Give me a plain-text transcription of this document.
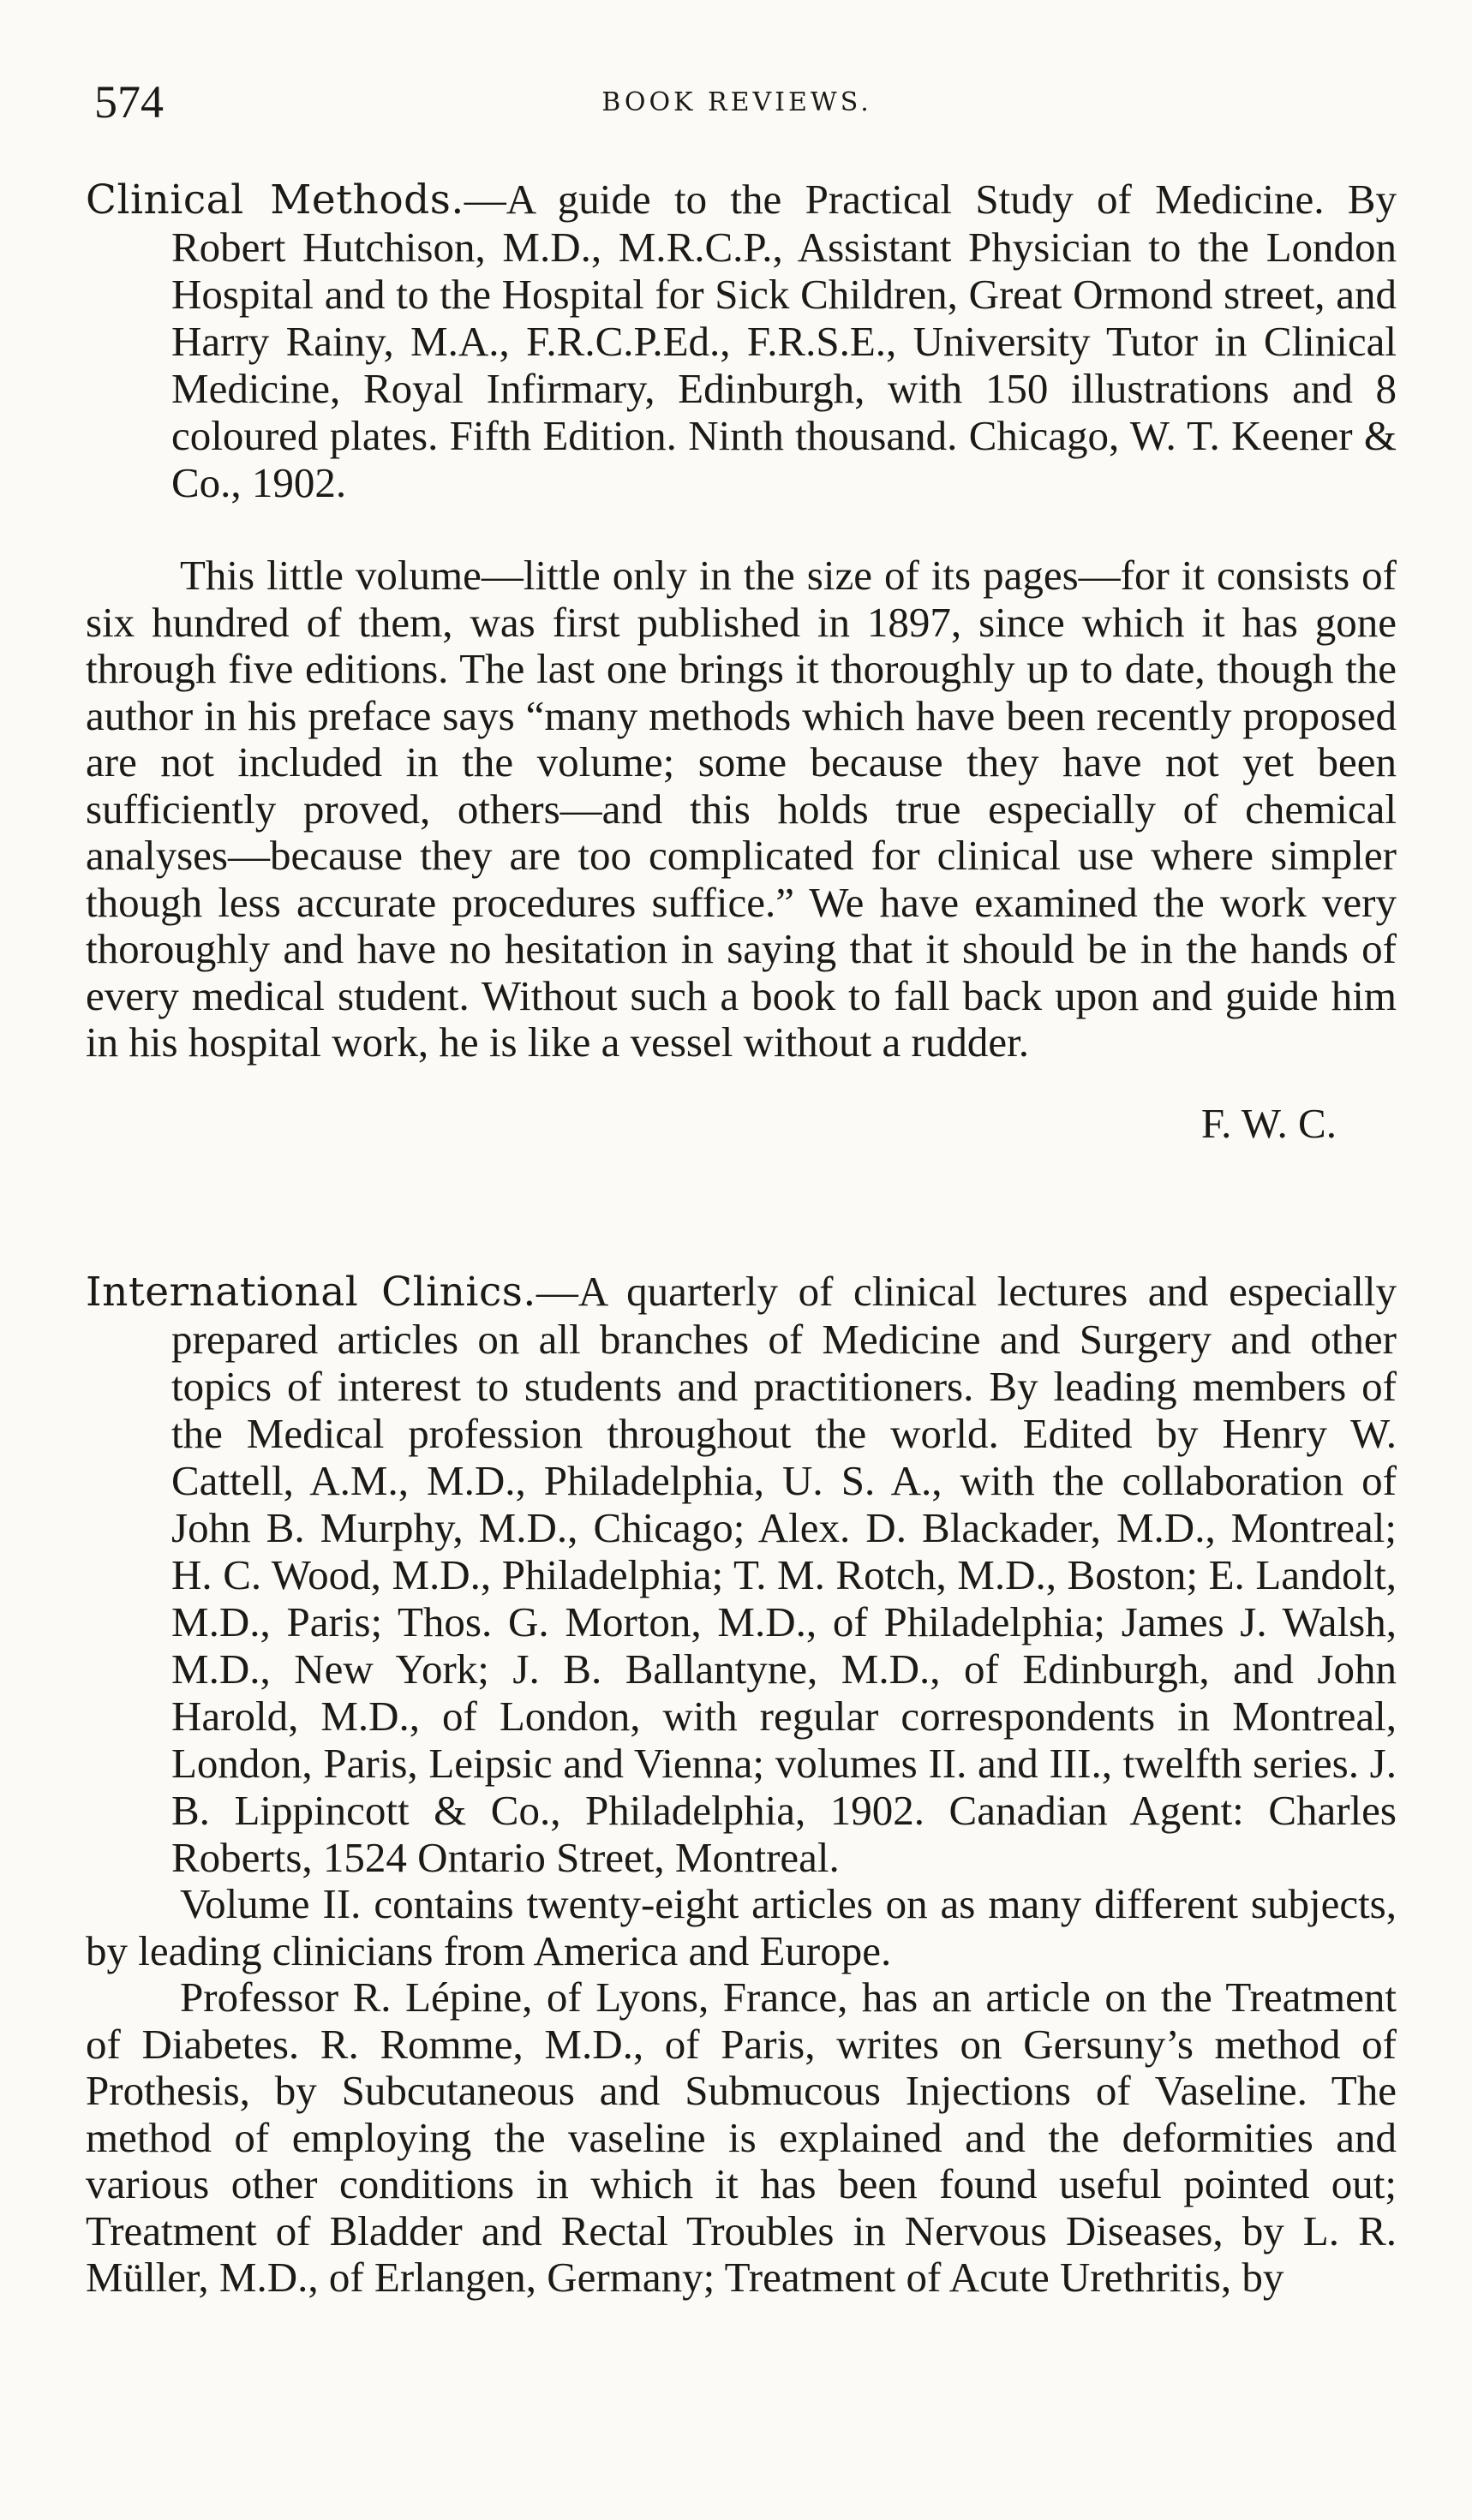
574	BOOK REVIEWS.

Clinical Methods.—A guide to the Practical Study of Medicine. By Robert Hutchison, M.D., M.R.C.P., Assistant Physician to the London Hospital and to the Hospital for Sick Children, Great Ormond street, and Harry Rainy, M.A., F.R.C.P.Ed., F.R.S.E., University Tutor in Clinical Medicine, Royal Infirmary, Edinburgh, with 150 illustrations and 8 coloured plates. Fifth Edition. Ninth thousand. Chicago, W. T. Keener & Co., 1902.

This little volume—little only in the size of its pages—for it consists of six hundred of them, was first published in 1897, since which it has gone through five editions. The last one brings it thoroughly up to date, though the author in his preface says “many methods which have been recently proposed are not included in the volume; some because they have not yet been sufficiently proved, others—and this holds true especially of chemical analyses—because they are too complicated for clinical use where simpler though less accurate procedures suffice.” We have examined the work very thoroughly and have no hesitation in saying that it should be in the hands of every medical student. Without such a book to fall back upon and guide him in his hospital work, he is like a vessel without a rudder.

F. W. C.

International Clinics.—A quarterly of clinical lectures and especially prepared articles on all branches of Medicine and Surgery and other topics of interest to students and practitioners. By leading members of the Medical profession throughout the world. Edited by Henry W. Cattell, A.M., M.D., Philadelphia, U. S. A., with the collaboration of John B. Murphy, M.D., Chicago; Alex. D. Blackader, M.D., Montreal; H. C. Wood, M.D., Philadelphia; T. M. Rotch, M.D., Boston; E. Landolt, M.D., Paris; Thos. G. Morton, M.D., of Philadelphia; James J. Walsh, M.D., New York; J. B. Ballantyne, M.D., of Edinburgh, and John Harold, M.D., of London, with regular correspondents in Montreal, London, Paris, Leipsic and Vienna; volumes II. and III., twelfth series. J. B. Lippincott & Co., Philadelphia, 1902. Canadian Agent: Charles Roberts, 1524 Ontario Street, Montreal.

Volume II. contains twenty-eight articles on as many different subjects, by leading clinicians from America and Europe.

Professor R. Lépine, of Lyons, France, has an article on the Treatment of Diabetes. R. Romme, M.D., of Paris, writes on Gersuny’s method of Prothesis, by Subcutaneous and Submucous Injections of Vaseline. The method of employing the vaseline is explained and the deformities and various other conditions in which it has been found useful pointed out; Treatment of Bladder and Rectal Troubles in Nervous Diseases, by L. R. Müller, M.D., of Erlangen, Germany; Treatment of Acute Urethritis, by
